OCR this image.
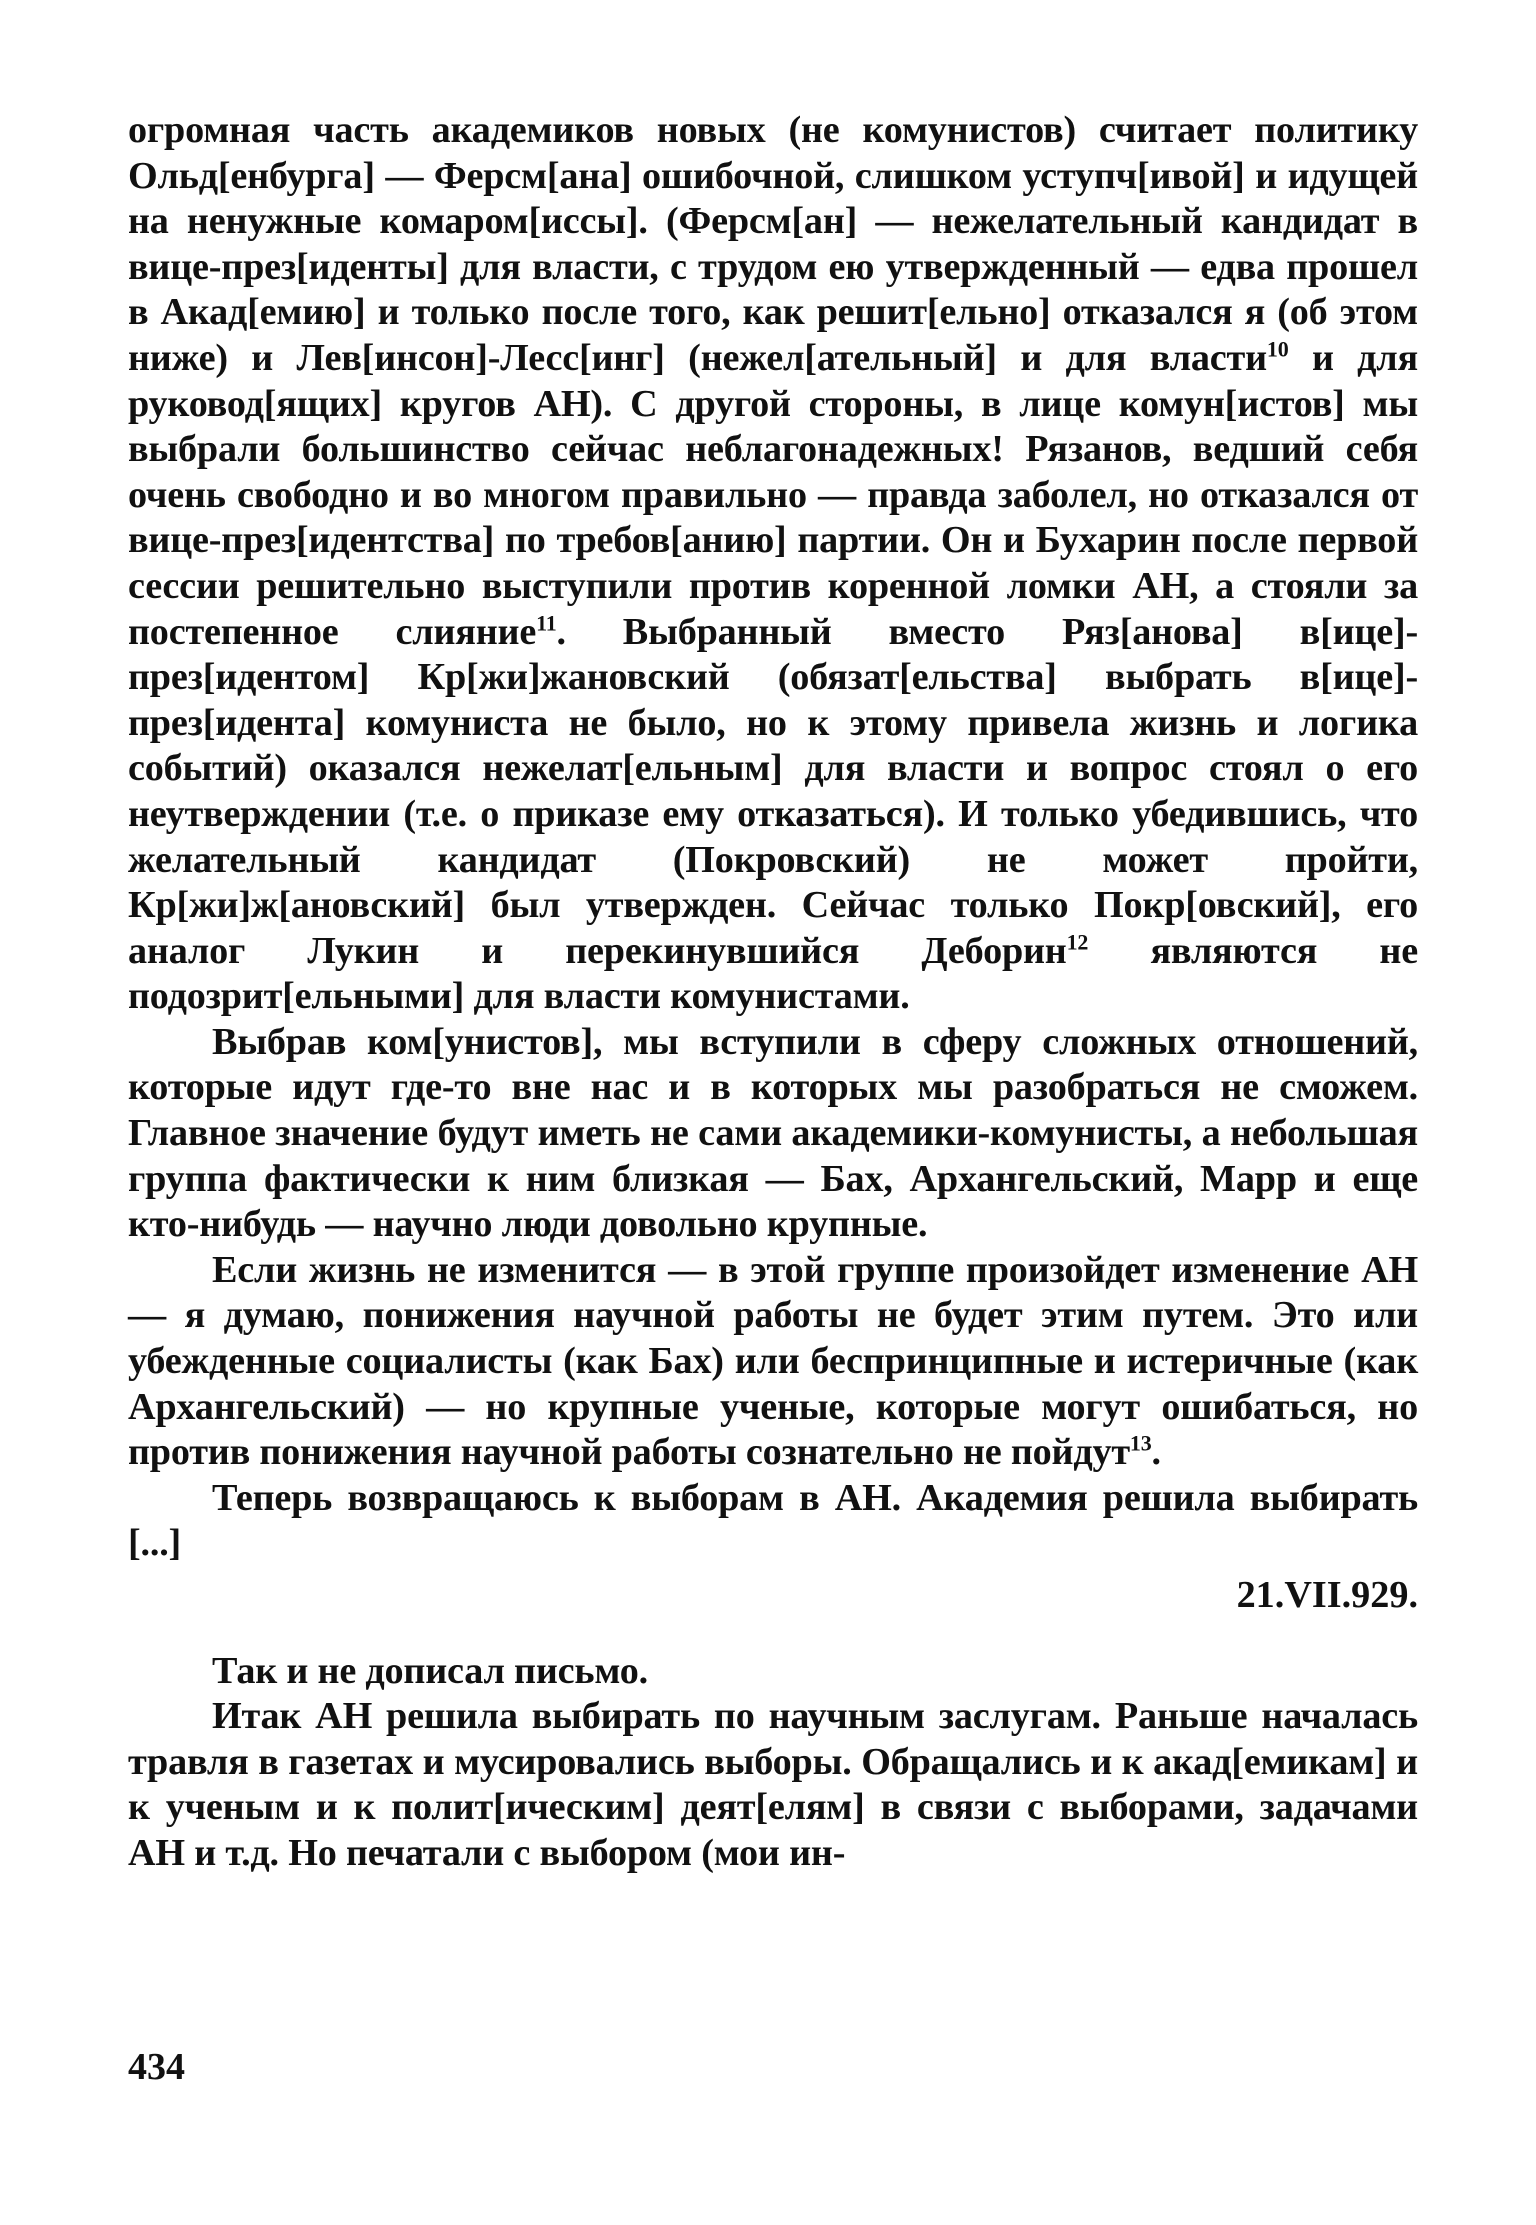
огромная часть академиков новых (не комунистов) считает политику Ольд[енбурга] — Ферсм[ана] ошибочной, слишком уступч[ивой] и идущей на ненужные комаром[иссы]. (Ферсм[ан] — нежелательный кандидат в вице-през[иденты] для власти, с трудом ею утвержденный — едва прошел в Акад[емию] и только после того, как решит[ельно] отказался я (об этом ниже) и Лев[инсон]-Лесс[инг] (нежел[ательный] и для власти$^{10}$ и для руковод[ящих] кругов АН). С другой стороны, в лице комун[истов] мы выбрали большинство сейчас неблагонадежных! Рязанов, ведший себя очень свободно и во многом правильно — правда заболел, но отказался от вице-през[идентства] по требов[анию] партии. Он и Бухарин после первой сессии решительно выступили против коренной ломки АН, а стояли за постепенное слияние$^{11}$. Выбранный вместо Ряз[анова] в[ице]-през[идентом] Кр[жи]жановский (обязат[ельства] выбрать в[ице]-през[идента] комуниста не было, но к этому привела жизнь и логика событий) оказался нежелат[ельным] для власти и вопрос стоял о его неутверждении (т.е. о приказе ему отказаться). И только убедившись, что желательный кандидат (Покровский) не может пройти, Кр[жи]ж[ановский] был утвержден. Сейчас только Покр[овский], его аналог Лукин и перекинувшийся Деборин$^{12}$ являются не подозрит[ельными] для власти комунистами.

Выбрав ком[унистов], мы вступили в сферу сложных отношений, которые идут где-то вне нас и в которых мы разобраться не сможем. Главное значение будут иметь не сами академики-комунисты, а небольшая группа фактически к ним близкая — Бах, Архангельский, Марр и еще кто-нибудь — научно люди довольно крупные.

Если жизнь не изменится — в этой группе произойдет изменение АН — я думаю, понижения научной работы не будет этим путем. Это или убежденные социалисты (как Бах) или беспринципные и истеричные (как Архангельский) — но крупные ученые, которые могут ошибаться, но против понижения научной работы сознательно не пойдут$^{13}$.

Теперь возвращаюсь к выборам в АН. Академия решила выбирать [...]

21.VII.929.

Так и не дописал письмо.

Итак АН решила выбирать по научным заслугам. Раньше началась травля в газетах и мусировались выборы. Обращались и к акад[емикам] и к ученым и к полит[ическим] деят[елям] в связи с выборами, задачами АН и т.д. Но печатали с выбором (мои ин-

434
